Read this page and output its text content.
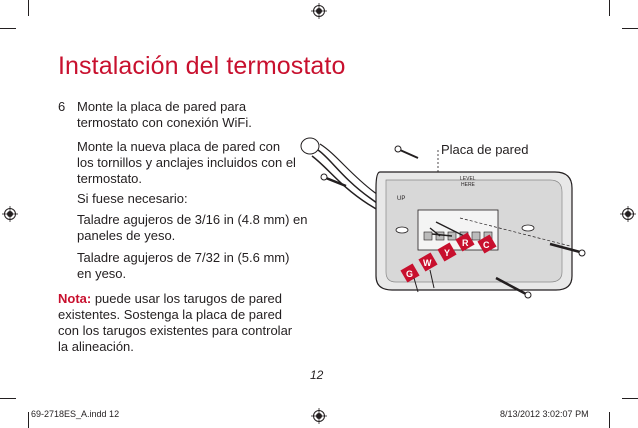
Instalación del termostato
6 Monte la placa de pared para
termostato con conexión WiFi.
Monte la nueva placa de pared con
los tornillos y anclajes incluidos con el
termostato.
Si fuese necesario:
Taladre agujeros de 3/16 in (4.8 mm) en
paneles de yeso.
Taladre agujeros de 7/32 in (5.6 mm)
en yeso.
Nota: puede usar los tarugos de pared
existentes. Sostenga la placa de pared
con los tarugos existentes para controlar
la alineación.
Placa de pared
LEVEL
HERE
UP
G
W
Y
R C
12
69-2718ES_A.indd 12	8/13/2012 3:02:07 PM
